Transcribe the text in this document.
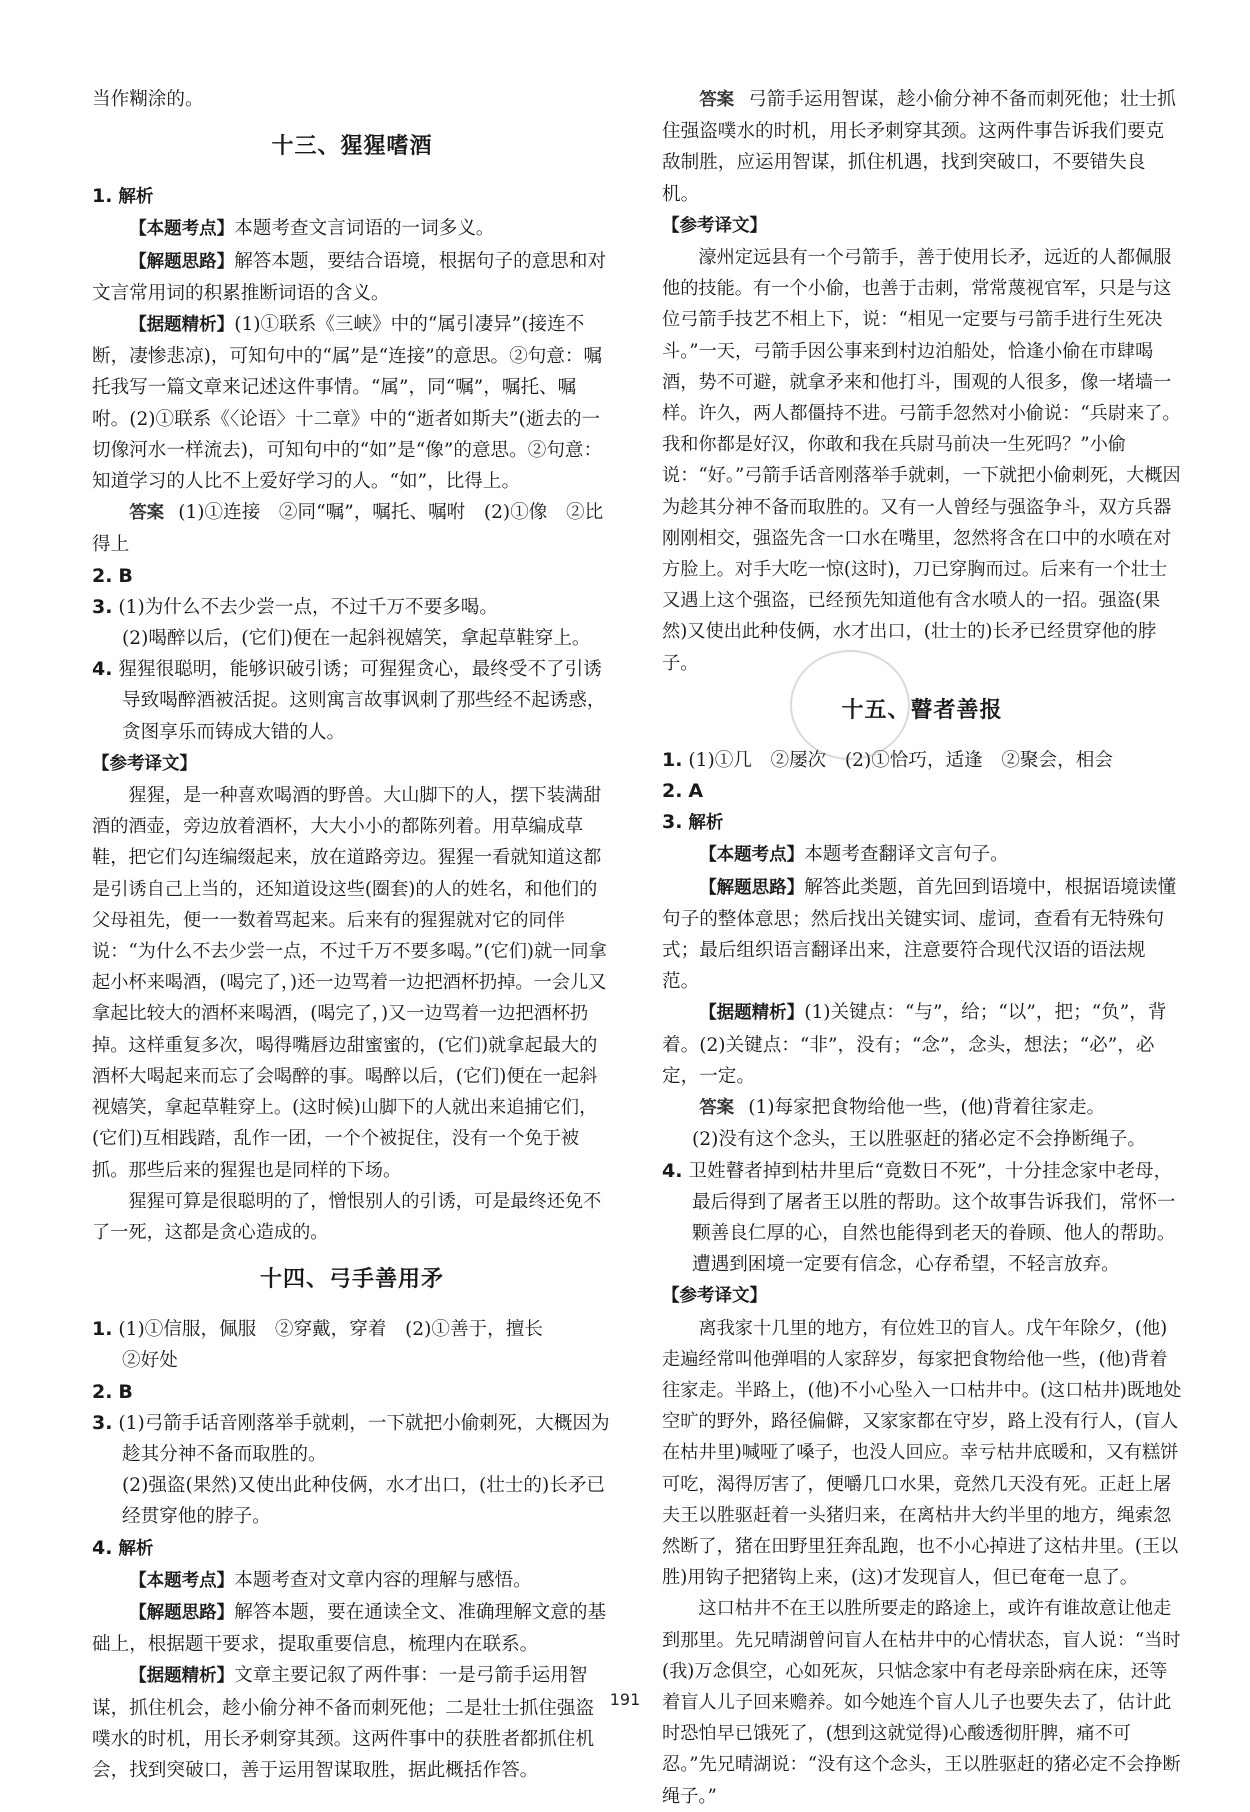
当作糊涂的。

十三、猩猩嗜酒

1. 解析

【本题考点】本题考查文言词语的一词多义。

【解题思路】解答本题，要结合语境，根据句子的意思和对文言常用词的积累推断词语的含义。

【据题精析】(1)①联系《三峡》中的“属引凄异”(接连不断，凄惨悲凉)，可知句中的“属”是“连接”的意思。②句意：嘱托我写一篇文章来记述这件事情。“属”，同“嘱”，嘱托、嘱咐。(2)①联系《〈论语〉十二章》中的“逝者如斯夫”(逝去的一切像河水一样流去)，可知句中的“如”是“像”的意思。②句意：知道学习的人比不上爱好学习的人。“如”，比得上。

答案 (1)①连接　②同“嘱”，嘱托、嘱咐　(2)①像　②比得上

2. B

3. (1)为什么不去少尝一点，不过千万不要多喝。

(2)喝醉以后，(它们)便在一起斜视嬉笑，拿起草鞋穿上。

4. 猩猩很聪明，能够识破引诱；可猩猩贪心，最终受不了引诱导致喝醉酒被活捉。这则寓言故事讽刺了那些经不起诱惑，贪图享乐而铸成大错的人。

【参考译文】

猩猩，是一种喜欢喝酒的野兽。大山脚下的人，摆下装满甜酒的酒壶，旁边放着酒杯，大大小小的都陈列着。用草编成草鞋，把它们勾连编缀起来，放在道路旁边。猩猩一看就知道这都是引诱自己上当的，还知道设这些(圈套)的人的姓名，和他们的父母祖先，便一一数着骂起来。后来有的猩猩就对它的同伴说：“为什么不去少尝一点，不过千万不要多喝。”(它们)就一同拿起小杯来喝酒，(喝完了，)还一边骂着一边把酒杯扔掉。一会儿又拿起比较大的酒杯来喝酒，(喝完了，)又一边骂着一边把酒杯扔掉。这样重复多次，喝得嘴唇边甜蜜蜜的，(它们)就拿起最大的酒杯大喝起来而忘了会喝醉的事。喝醉以后，(它们)便在一起斜视嬉笑，拿起草鞋穿上。(这时候)山脚下的人就出来追捕它们，(它们)互相践踏，乱作一团，一个个被捉住，没有一个免于被抓。那些后来的猩猩也是同样的下场。

猩猩可算是很聪明的了，憎恨别人的引诱，可是最终还免不了一死，这都是贪心造成的。

十四、弓手善用矛

1. (1)①信服，佩服　②穿戴，穿着　(2)①善于，擅长

②好处

2. B

3. (1)弓箭手话音刚落举手就刺，一下就把小偷刺死，大概因为趁其分神不备而取胜的。

(2)强盗(果然)又使出此种伎俩，水才出口，(壮士的)长矛已经贯穿他的脖子。

4. 解析

【本题考点】本题考查对文章内容的理解与感悟。

【解题思路】解答本题，要在通读全文、准确理解文意的基础上，根据题干要求，提取重要信息，梳理内在联系。

【据题精析】文章主要记叙了两件事：一是弓箭手运用智谋，抓住机会，趁小偷分神不备而刺死他；二是壮士抓住强盗噗水的时机，用长矛刺穿其颈。这两件事中的获胜者都抓住机会，找到突破口，善于运用智谋取胜，据此概括作答。

答案 弓箭手运用智谋，趁小偷分神不备而刺死他；壮士抓住强盗噗水的时机，用长矛刺穿其颈。这两件事告诉我们要克敌制胜，应运用智谋，抓住机遇，找到突破口，不要错失良机。

【参考译文】

濠州定远县有一个弓箭手，善于使用长矛，远近的人都佩服他的技能。有一个小偷，也善于击刺，常常蔑视官军，只是与这位弓箭手技艺不相上下，说：“相见一定要与弓箭手进行生死决斗。”一天，弓箭手因公事来到村边泊船处，恰逢小偷在市肆喝酒，势不可避，就拿矛来和他打斗，围观的人很多，像一堵墙一样。许久，两人都僵持不进。弓箭手忽然对小偷说：“兵尉来了。我和你都是好汉，你敢和我在兵尉马前决一生死吗？”小偷说：“好。”弓箭手话音刚落举手就刺，一下就把小偷刺死，大概因为趁其分神不备而取胜的。又有一人曾经与强盗争斗，双方兵器刚刚相交，强盗先含一口水在嘴里，忽然将含在口中的水喷在对方脸上。对手大吃一惊(这时)，刀已穿胸而过。后来有一个壮士又遇上这个强盗，已经预先知道他有含水喷人的一招。强盗(果然)又使出此种伎俩，水才出口，(壮士的)长矛已经贯穿他的脖子。

十五、瞽者善报

1. (1)①几　②屡次　(2)①恰巧，适逢　②聚会，相会

2. A

3. 解析

【本题考点】本题考查翻译文言句子。

【解题思路】解答此类题，首先回到语境中，根据语境读懂句子的整体意思；然后找出关键实词、虚词，查看有无特殊句式；最后组织语言翻译出来，注意要符合现代汉语的语法规范。

【据题精析】(1)关键点：“与”，给；“以”，把；“负”，背着。(2)关键点：“非”，没有；“念”，念头，想法；“必”，必定，一定。

答案 (1)每家把食物给他一些，(他)背着往家走。

(2)没有这个念头，王以胜驱赶的猪必定不会挣断绳子。

4. 卫姓瞽者掉到枯井里后“竟数日不死”，十分挂念家中老母，最后得到了屠者王以胜的帮助。这个故事告诉我们，常怀一颗善良仁厚的心，自然也能得到老天的眷顾、他人的帮助。遭遇到困境一定要有信念，心存希望，不轻言放弃。

【参考译文】

离我家十几里的地方，有位姓卫的盲人。戊午年除夕，(他)走遍经常叫他弹唱的人家辞岁，每家把食物给他一些，(他)背着往家走。半路上，(他)不小心坠入一口枯井中。(这口枯井)既地处空旷的野外，路径偏僻，又家家都在守岁，路上没有行人，(盲人在枯井里)喊哑了嗓子，也没人回应。幸亏枯井底暖和，又有糕饼可吃，渴得厉害了，便嚼几口水果，竟然几天没有死。正赶上屠夫王以胜驱赶着一头猪归来，在离枯井大约半里的地方，绳索忽然断了，猪在田野里狂奔乱跑，也不小心掉进了这枯井里。(王以胜)用钩子把猪钩上来，(这)才发现盲人，但已奄奄一息了。

这口枯井不在王以胜所要走的路途上，或许有谁故意让他走到那里。先兄晴湖曾问盲人在枯井中的心情状态，盲人说：“当时(我)万念俱空，心如死灰，只惦念家中有老母亲卧病在床，还等着盲人儿子回来赡养。如今她连个盲人儿子也要失去了，估计此时恐怕早已饿死了，(想到这就觉得)心酸透彻肝脾，痛不可忍。”先兄晴湖说：“没有这个念头，王以胜驱赶的猪必定不会挣断绳子。”

191
